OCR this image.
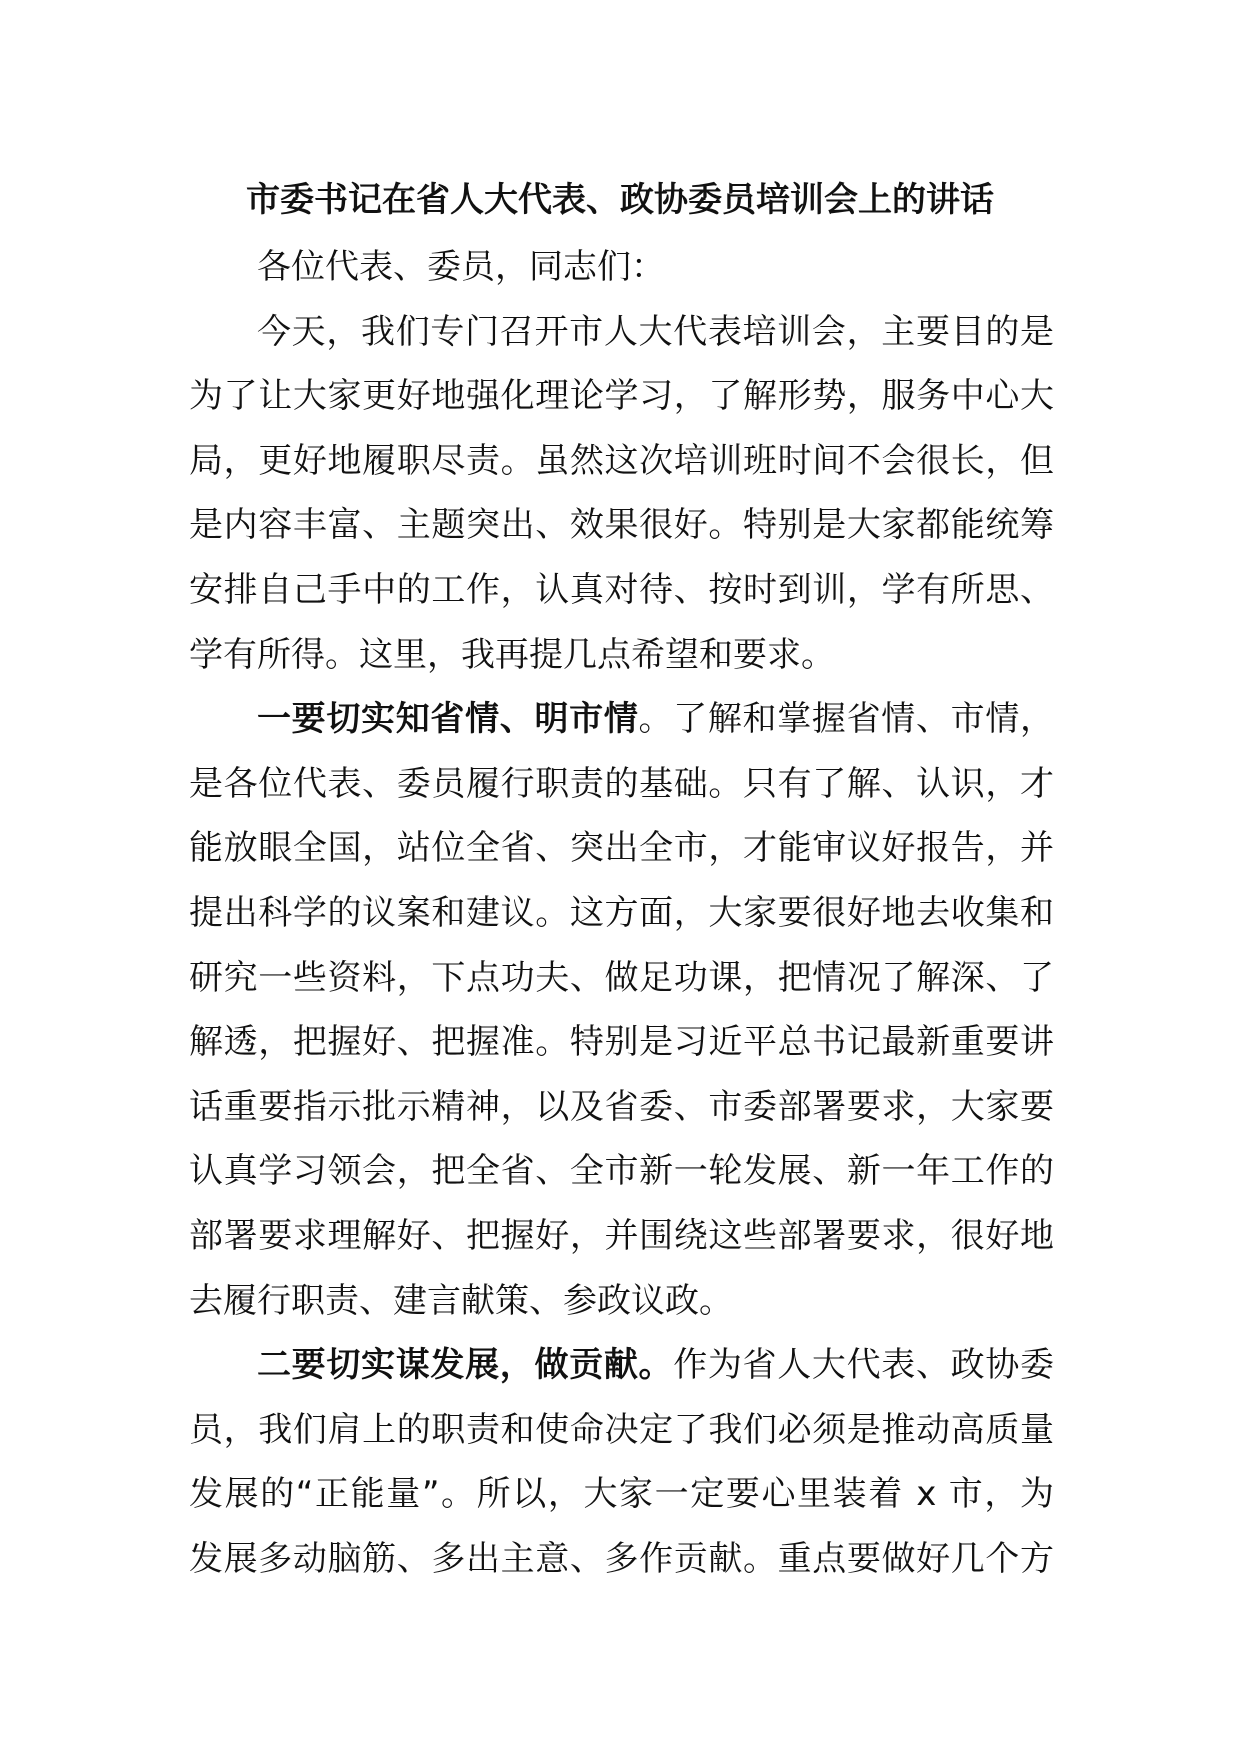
市委书记在省人大代表、政协委员培训会上的讲话
各位代表、委员，同志们：
今天，我们专门召开市人大代表培训会，主要目的是
为了让大家更好地强化理论学习，了解形势，服务中心大
局，更好地履职尽责。虽然这次培训班时间不会很长，但
是内容丰富、主题突出、效果很好。特别是大家都能统筹
安排自己手中的工作，认真对待、按时到训，学有所思、
学有所得。这里，我再提几点希望和要求。
一要切实知省情、明市情。了解和掌握省情、市情，
是各位代表、委员履行职责的基础。只有了解、认识，才
能放眼全国，站位全省、突出全市，才能审议好报告，并
提出科学的议案和建议。这方面，大家要很好地去收集和
研究一些资料，下点功夫、做足功课，把情况了解深、了
解透，把握好、把握准。特别是习近平总书记最新重要讲
话重要指示批示精神，以及省委、市委部署要求，大家要
认真学习领会，把全省、全市新一轮发展、新一年工作的
部署要求理解好、把握好，并围绕这些部署要求，很好地
去履行职责、建言献策、参政议政。
二要切实谋发展，做贡献。作为省人大代表、政协委
员，我们肩上的职责和使命决定了我们必须是推动高质量
发展的“正能量”。所以，大家一定要心里装着 x 市，为
发展多动脑筋、多出主意、多作贡献。重点要做好几个方
